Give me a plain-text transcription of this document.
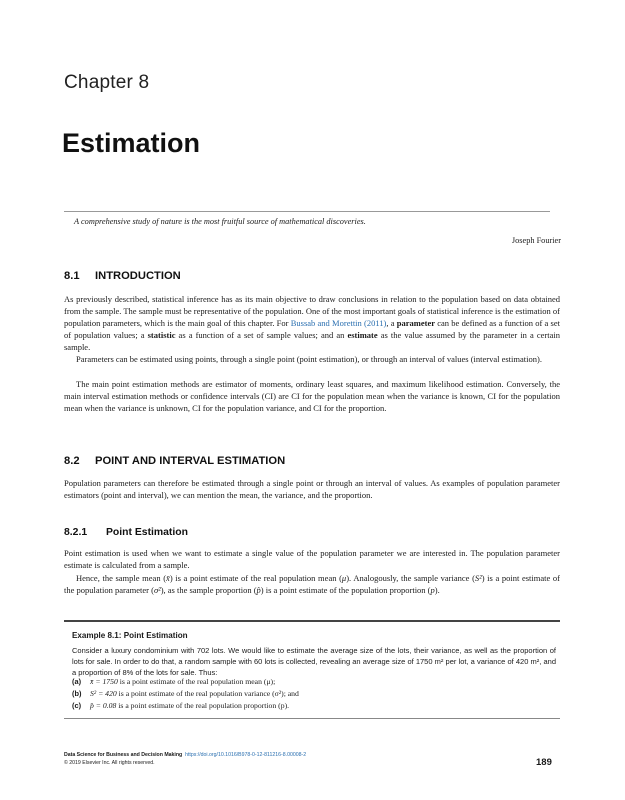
Chapter 8
Estimation
A comprehensive study of nature is the most fruitful source of mathematical discoveries.
Joseph Fourier
8.1 INTRODUCTION

As previously described, statistical inference has as its main objective to draw conclusions in relation to the population based on data obtained from the sample. The sample must be representative of the population. One of the most important goals of statistical inference is the estimation of population parameters, which is the main goal of this chapter. For Bussab and Morettin (2011), a parameter can be defined as a function of a set of population values; a statistic as a function of a set of sample values; and an estimate as the value assumed by the parameter in a certain sample.

Parameters can be estimated using points, through a single point (point estimation), or through an interval of values (interval estimation).

The main point estimation methods are estimator of moments, ordinary least squares, and maximum likelihood estimation. Conversely, the main interval estimation methods or confidence intervals (CI) are CI for the population mean when the variance is known, CI for the population mean when the variance is unknown, CI for the population variance, and CI for the proportion.

8.2 POINT AND INTERVAL ESTIMATION

Population parameters can therefore be estimated through a single point or through an interval of values. As examples of population parameter estimators (point and interval), we can mention the mean, the variance, and the proportion.

8.2.1 Point Estimation

Point estimation is used when we want to estimate a single value of the population parameter we are interested in. The population parameter estimate is calculated from a sample.

Hence, the sample mean (x̄) is a point estimate of the real population mean (μ). Analogously, the sample variance (S²) is a point estimate of the population parameter (σ²), as the sample proportion (p̂) is a point estimate of the population proportion (p).

Example 8.1: Point Estimation

Consider a luxury condominium with 702 lots. We would like to estimate the average size of the lots, their variance, as well as the proportion of lots for sale. In order to do that, a random sample with 60 lots is collected, revealing an average size of 1750 m² per lot, a variance of 420 m², and a proportion of 8% of the lots for sale. Thus:

(a) x̄ = 1750 is a point estimate of the real population mean (μ);
(b) S² = 420 is a point estimate of the real population variance (σ²); and
(c) p̂ = 0.08 is a point estimate of the real population proportion (p).
Data Science for Business and Decision Making https://doi.org/10.1016/B978-0-12-811216-8.00008-2
© 2019 Elsevier Inc. All rights reserved.	189
